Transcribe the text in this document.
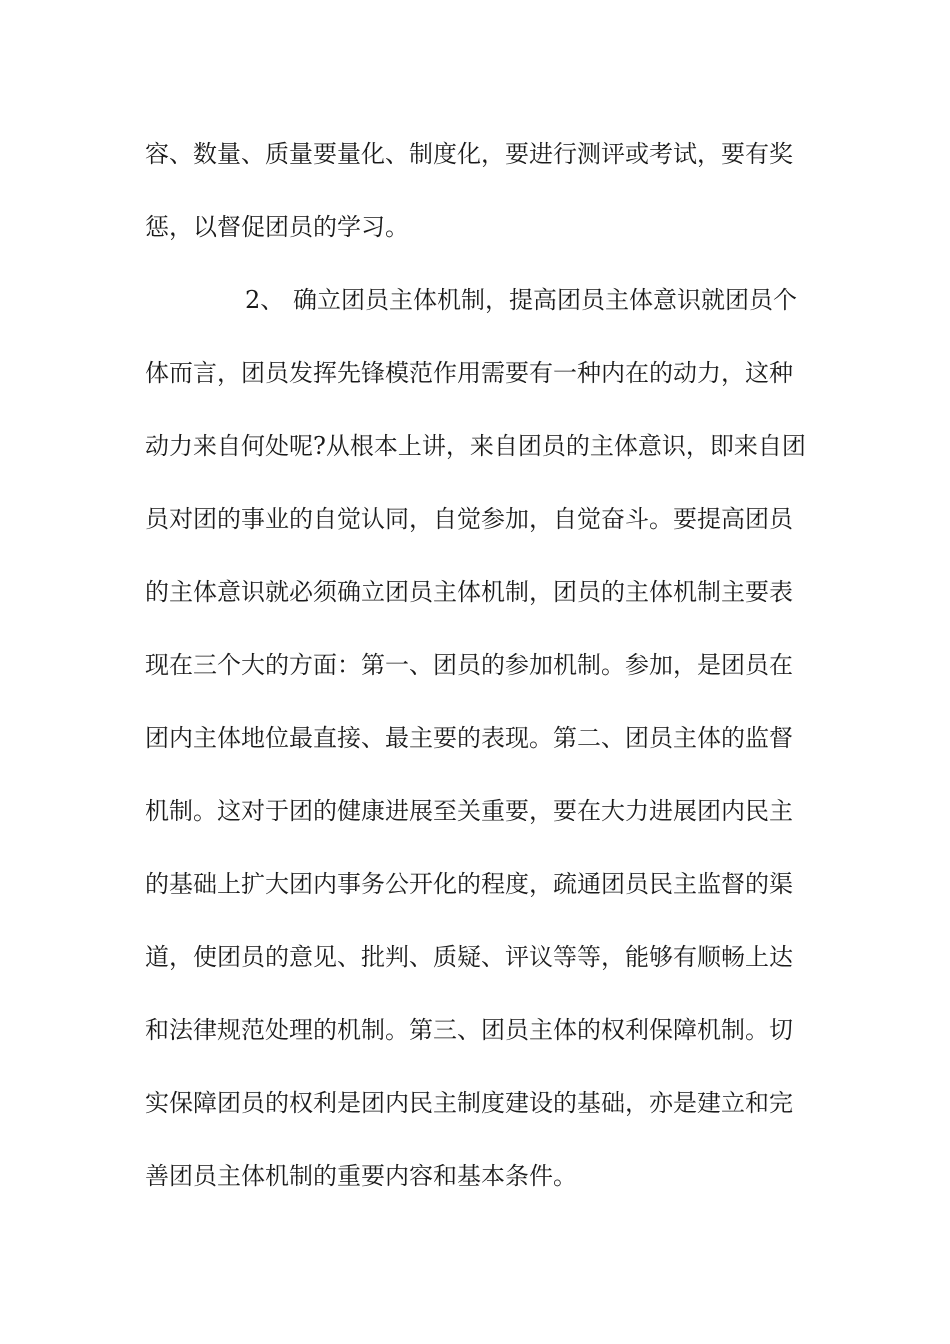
容、数量、质量要量化、制度化，要进行测评或考试，要有奖
惩，以督促团员的学习。
2、 确立团员主体机制，提高团员主体意识就团员个
体而言，团员发挥先锋模范作用需要有一种内在的动力，这种
动力来自何处呢?从根本上讲，来自团员的主体意识，即来自团
员对团的事业的自觉认同，自觉参加，自觉奋斗。要提高团员
的主体意识就必须确立团员主体机制，团员的主体机制主要表
现在三个大的方面：第一、团员的参加机制。参加，是团员在
团内主体地位最直接、最主要的表现。第二、团员主体的监督
机制。这对于团的健康进展至关重要，要在大力进展团内民主
的基础上扩大团内事务公开化的程度，疏通团员民主监督的渠
道，使团员的意见、批判、质疑、评议等等，能够有顺畅上达
和法律规范处理的机制。第三、团员主体的权利保障机制。切
实保障团员的权利是团内民主制度建设的基础，亦是建立和完
善团员主体机制的重要内容和基本条件。
